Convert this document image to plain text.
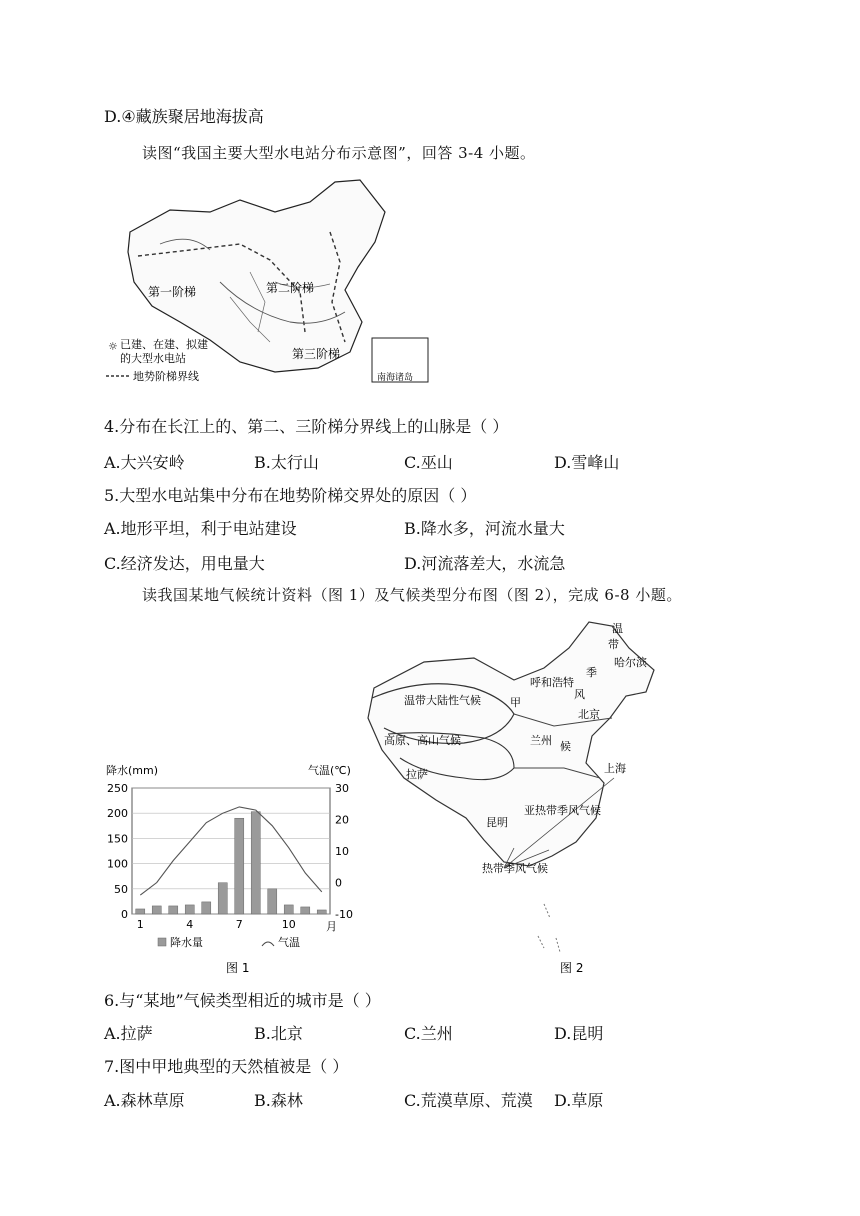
D.④藏族聚居地海拔高
读图“我国主要大型水电站分布示意图”，回答 3-4 小题。
第一阶梯	第二阶梯
第三阶梯
☼ 已建、在建、拟建
的大型水电站
地势阶梯界线	南海诸岛
4.分布在长江上的、第二、三阶梯分界线上的山脉是（ ）
A.大兴安岭	B.太行山	C.巫山	D.雪峰山
5.大型水电站集中分布在地势阶梯交界处的原因（ ）
A.地形平坦，利于电站建设	B.降水多，河流水量大
C.经济发达，用电量大	D.河流落差大，水流急
读我国某地气候统计资料（图 1）及气候类型分布图（图 2），完成 6-8 小题。
降水(mm)	气温(℃)
0
50
100
150
200
250
-10
0
10
20
30
1	4	7	10	月
降水量	气温
图 1
温带大陆性气候
高原、高山气候
甲
呼和浩特
风
兰州
北京
拉萨	上海
亚热带季风气候
昆明
热带季风气候
哈尔滨
温
带
季
候
图 2
6.与“某地”气候类型相近的城市是（ ）
A.拉萨	B.北京	C.兰州	D.昆明
7.图中甲地典型的天然植被是（ ）
A.森林草原	B.森林	C.荒漠草原、荒漠 D.草原
